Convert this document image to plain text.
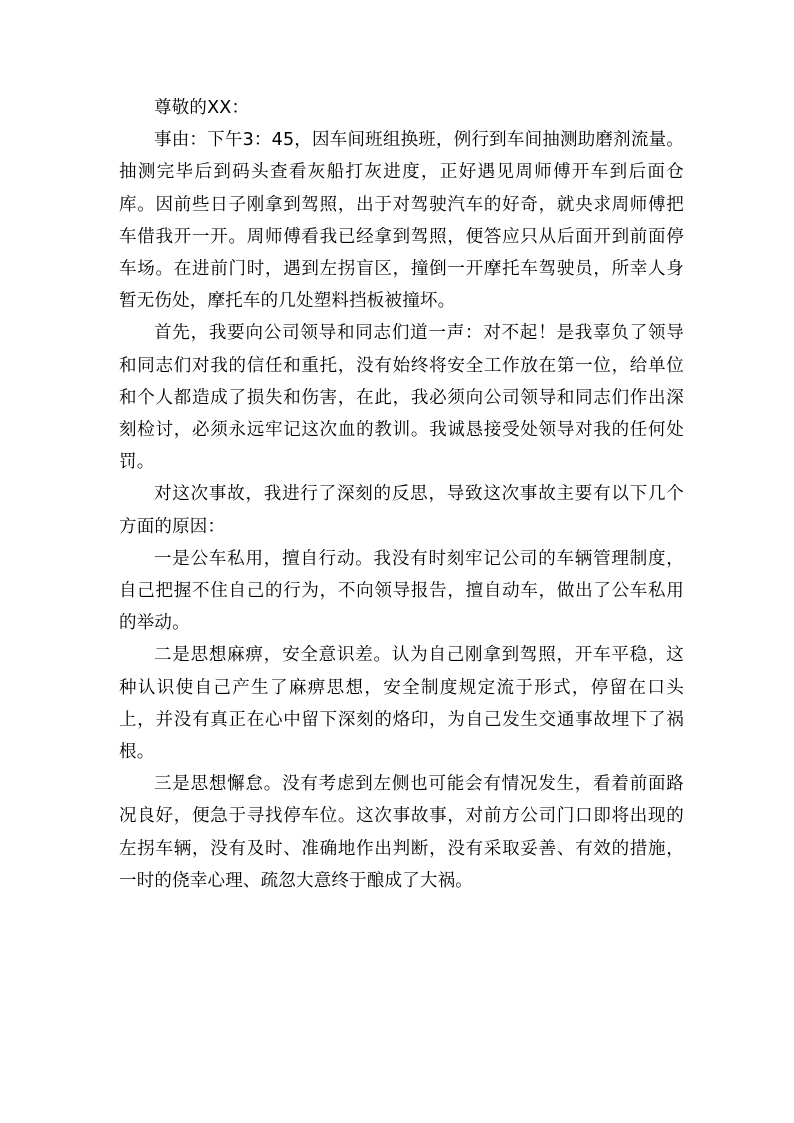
尊敬的XX：

事由：下午3：45，因车间班组换班，例行到车间抽测助磨剂流量。抽测完毕后到码头查看灰船打灰进度，正好遇见周师傅开车到后面仓库。因前些日子刚拿到驾照，出于对驾驶汽车的好奇，就央求周师傅把车借我开一开。周师傅看我已经拿到驾照，便答应只从后面开到前面停车场。在进前门时，遇到左拐盲区，撞倒一开摩托车驾驶员，所幸人身暂无伤处，摩托车的几处塑料挡板被撞坏。

首先，我要向公司领导和同志们道一声：对不起！是我辜负了领导和同志们对我的信任和重托，没有始终将安全工作放在第一位，给单位和个人都造成了损失和伤害，在此，我必须向公司领导和同志们作出深刻检讨，必须永远牢记这次血的教训。我诚恳接受处领导对我的任何处罚。

对这次事故，我进行了深刻的反思，导致这次事故主要有以下几个方面的原因：

一是公车私用，擅自行动。我没有时刻牢记公司的车辆管理制度，自己把握不住自己的行为，不向领导报告，擅自动车，做出了公车私用的举动。

二是思想麻痹，安全意识差。认为自己刚拿到驾照，开车平稳，这种认识使自己产生了麻痹思想，安全制度规定流于形式，停留在口头上，并没有真正在心中留下深刻的烙印，为自己发生交通事故埋下了祸根。

三是思想懈怠。没有考虑到左侧也可能会有情况发生，看着前面路况良好，便急于寻找停车位。这次事故事，对前方公司门口即将出现的左拐车辆，没有及时、准确地作出判断，没有采取妥善、有效的措施，一时的侥幸心理、疏忽大意终于酿成了大祸。
